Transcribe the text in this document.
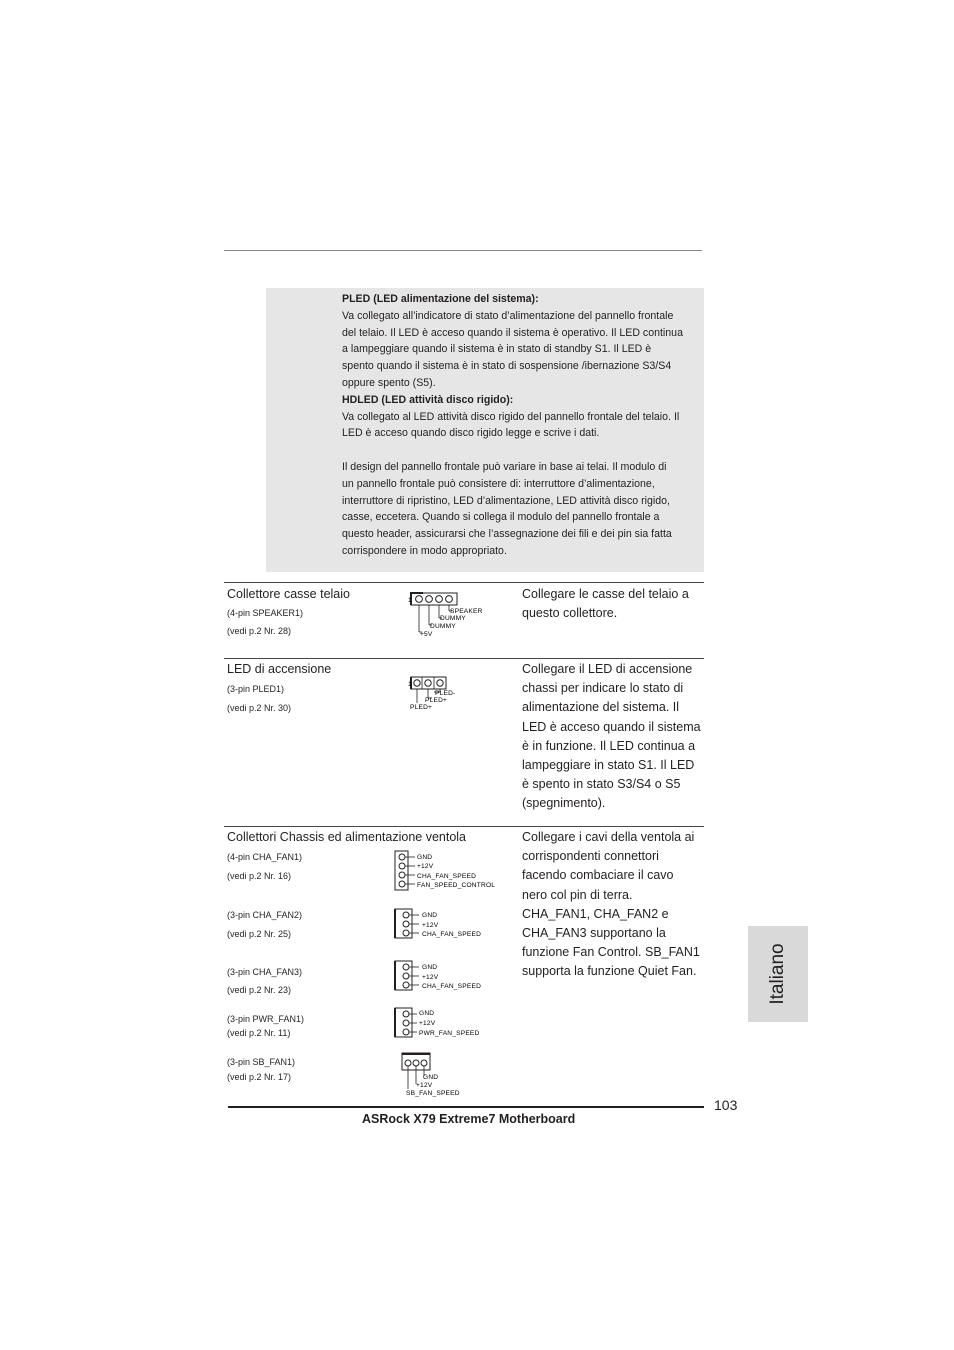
PLED (LED alimentazione del sistema):

Va collegato all’indicatore di stato d’alimentazione del pannello frontale

del telaio. Il LED è acceso quando il sistema è operativo. Il LED continua

a lampeggiare quando il sistema è in stato di standby S1. Il LED è

spento quando il sistema è in stato di sospensione /ibernazione S3/S4

oppure spento (S5).

HDLED (LED attività disco rigido):

Va collegato al LED attività disco rigido del pannello frontale del telaio. Il

LED è acceso quando disco rigido legge e scrive i dati.

Il design del pannello frontale può variare in base ai telai. Il modulo di

un pannello frontale può consistere di: interruttore d’alimentazione,

interruttore di ripristino, LED d’alimentazione, LED attività disco rigido,

casse, eccetera. Quando si collega il modulo del pannello frontale a

questo header, assicurarsi che l’assegnazione dei fili e dei pin sia fatta

corrispondere in modo appropriato.

Collettore casse telaio
(4-pin SPEAKER1)
(vedi p.2 Nr. 28)
Collegare le casse del telaio a
questo collettore.
1
SPEAKER
DUMMY
DUMMY
+5V
LED di accensione
(3-pin PLED1)
(vedi p.2 Nr. 30)
Collegare il LED di accensione
chassi per indicare lo stato di
alimentazione del sistema. Il
LED è acceso quando il sistema
è in funzione. Il LED continua a
lampeggiare in stato S1. Il LED
è spento in stato S3/S4 o S5
(spegnimento).
1
PLED-
PLED+
PLED+
Collettori Chassis ed alimentazione ventola	Collegare i cavi della ventola ai
corrispondenti connettori
facendo combaciare il cavo
nero col pin di terra.
CHA_FAN1, CHA_FAN2 e
CHA_FAN3 supportano la
funzione Fan Control. SB_FAN1
supporta la funzione Quiet Fan.
(4-pin CHA_FAN1)
(vedi p.2 Nr. 16)
GND
+12V
CHA_FAN_SPEED
FAN_SPEED_CONTROL
(3-pin CHA_FAN2)
(vedi p.2 Nr. 25)
GND
+12V
CHA_FAN_SPEED
(3-pin CHA_FAN3)
(vedi p.2 Nr. 23)
GND
+12V
CHA_FAN_SPEED
(3-pin PWR_FAN1)
(vedi p.2 Nr. 11)
GND
+12V
PWR_FAN_SPEED
(3-pin SB_FAN1)
(vedi p.2 Nr. 17)	GND
+12V
SB_FAN_SPEED
Italiano
103
ASRock X79 Extreme7 Motherboard
